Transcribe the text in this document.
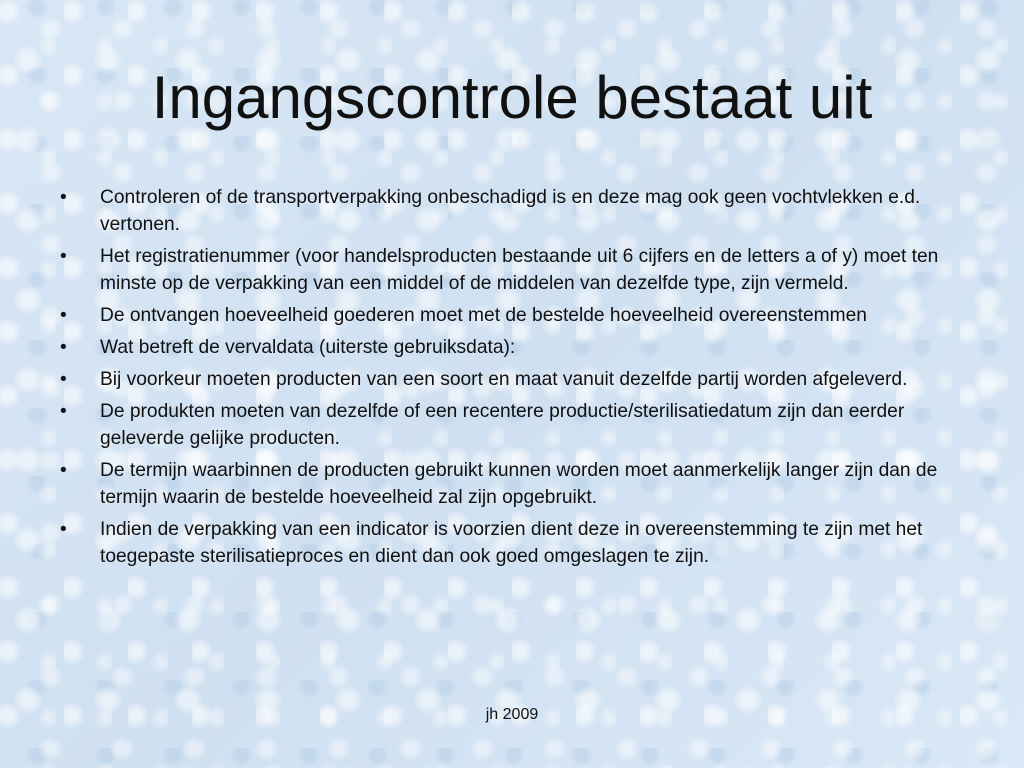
Ingangscontrole bestaat uit
• Controleren of de transportverpakking onbeschadigd is en deze mag ook geen vochtvlekken e.d. vertonen.
• Het registratienummer (voor handelsproducten bestaande uit 6 cijfers en de letters a of y) moet ten minste op de verpakking van een middel of de middelen van dezelfde type, zijn vermeld.
• De ontvangen hoeveelheid goederen moet met de bestelde hoeveelheid overeenstemmen
• Wat betreft de vervaldata (uiterste gebruiksdata):
• Bij voorkeur moeten producten van een soort en maat vanuit dezelfde partij worden afgeleverd.
• De produkten moeten van dezelfde of een recentere productie/sterilisatiedatum zijn dan eerder geleverde gelijke producten.
• De termijn waarbinnen de producten gebruikt kunnen worden moet aanmerkelijk langer zijn dan de termijn waarin de bestelde hoeveelheid zal zijn opgebruikt.
• Indien de verpakking van een indicator is voorzien dient deze in overeenstemming te zijn met het toegepaste sterilisatieproces en dient dan ook goed omgeslagen te zijn.
jh 2009
